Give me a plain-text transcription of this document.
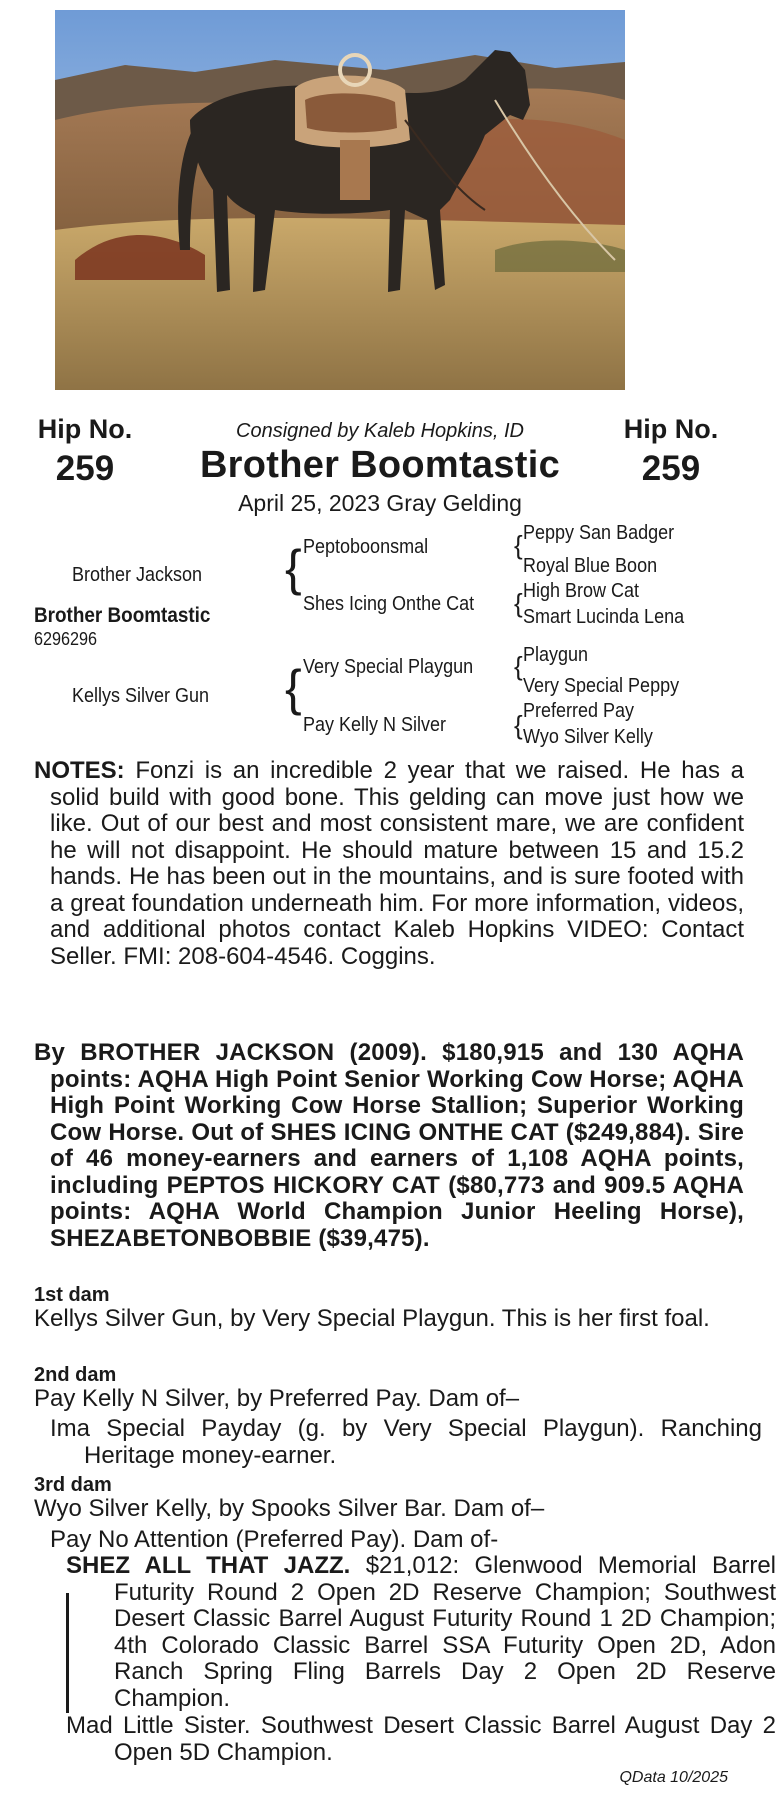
Hip No.
259
Hip No.
259
Consigned by Kaleb Hopkins, ID
Brother Boomtastic
April 25, 2023 Gray Gelding
Brother Jackson
Brother Boomtastic
6296296
Kellys Silver Gun
{
{
Peptoboonsmal
Shes Icing Onthe Cat
Very Special Playgun
Pay Kelly N Silver
{
{
{
{
Peppy San Badger
Royal Blue Boon
High Brow Cat
Smart Lucinda Lena
Playgun
Very Special Peppy
Preferred Pay
Wyo Silver Kelly
NOTES: Fonzi is an incredible 2 year that we raised. He has a solid build with good bone. This gelding can move just how we like. Out of our best and most consistent mare, we are confident he will not disappoint. He should mature between 15 and 15.2 hands. He has been out in the mountains, and is sure footed with a great foundation underneath him. For more information, videos, and additional photos contact Kaleb Hopkins VIDEO: Contact Seller. FMI: 208-604-4546. Coggins.
By BROTHER JACKSON (2009). $180,915 and 130 AQHA points: AQHA High Point Senior Working Cow Horse; AQHA High Point Working Cow Horse Stallion; Superior Working Cow Horse. Out of SHES ICING ONTHE CAT ($249,884). Sire of 46 money-earners and earners of 1,108 AQHA points, including PEPTOS HICKORY CAT ($80,773 and 909.5 AQHA points: AQHA World Champion Junior Heeling Horse), SHEZABETONBOBBIE ($39,475).
1st dam
Kellys Silver Gun, by Very Special Playgun. This is her first foal.
2nd dam
Pay Kelly N Silver, by Preferred Pay. Dam of–
Ima Special Payday (g. by Very Special Playgun). Ranching Heritage money-earner.
3rd dam
Wyo Silver Kelly, by Spooks Silver Bar. Dam of–
Pay No Attention (Preferred Pay). Dam of-
SHEZ ALL THAT JAZZ. $21,012: Glenwood Memorial Barrel Futurity Round 2 Open 2D Reserve Champion; Southwest Desert Classic Barrel August Futurity Round 1 2D Champion; 4th Colorado Classic Barrel SSA Futurity Open 2D, Adon Ranch Spring Fling Barrels Day 2 Open 2D Reserve Champion.
Mad Little Sister. Southwest Desert Classic Barrel August Day 2 Open 5D Champion.
QData 10/2025
